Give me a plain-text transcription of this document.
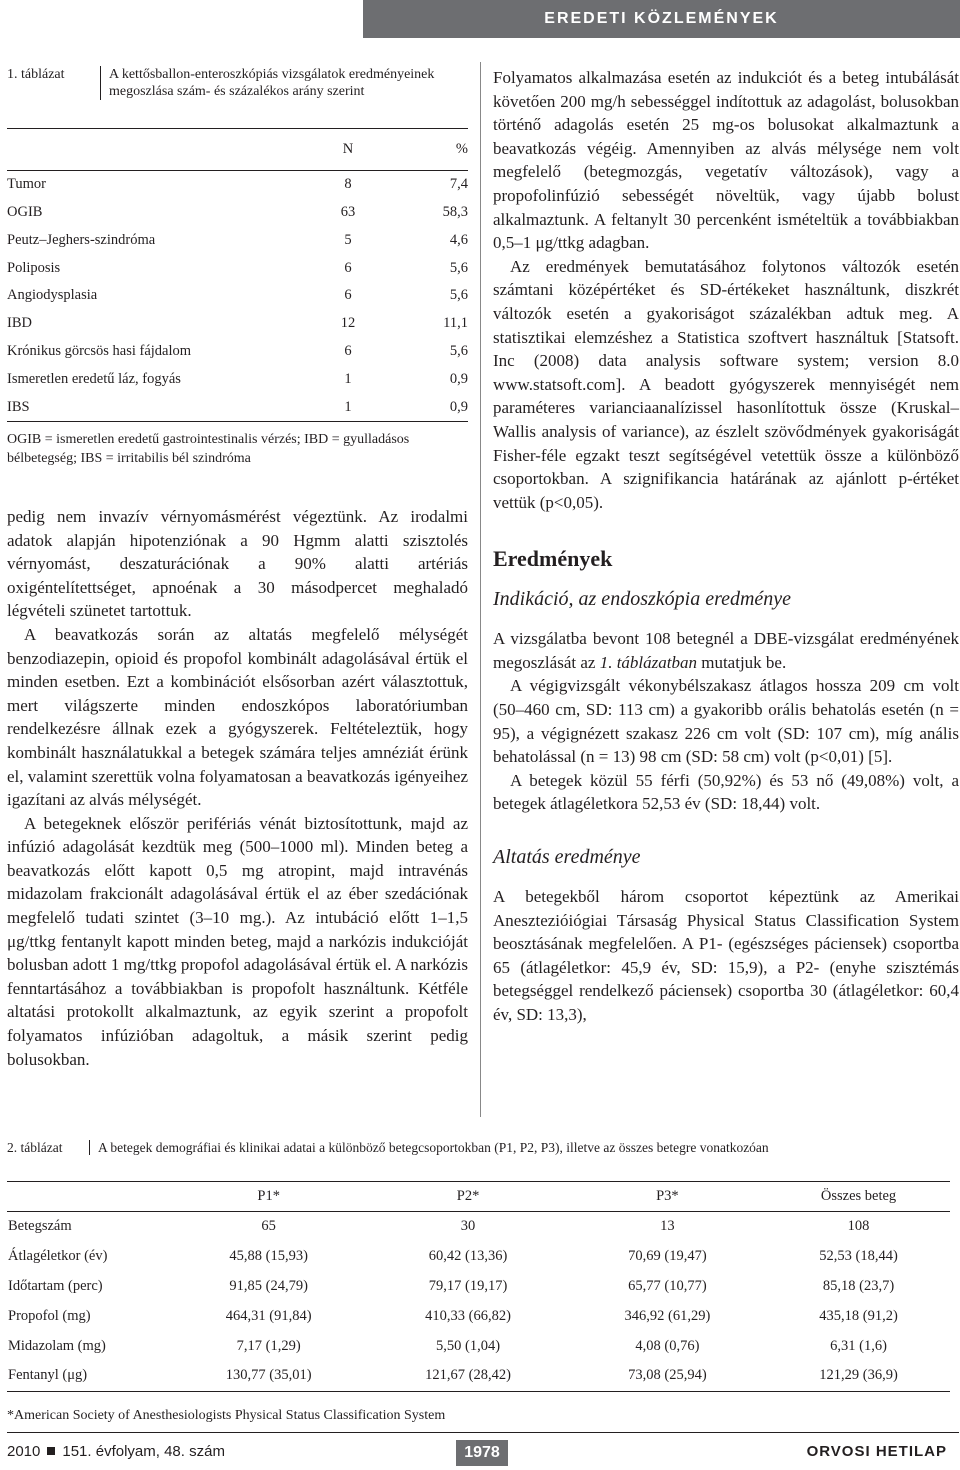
EREDETI KÖZLEMÉNYEK
1. táblázat	A kettősballon-enteroszkópiás vizsgálatok eredményeinek megoszlása szám- és százalékos arány szerint
	N	%
Tumor	8	7,4
OGIB	63	58,3
Peutz–Jeghers-szindróma	5	4,6
Poliposis	6	5,6
Angiodysplasia	6	5,6
IBD	12	11,1
Krónikus görcsös hasi fájdalom	6	5,6
Ismeretlen eredetű láz, fogyás	1	0,9
IBS	1	0,9
OGIB = ismeretlen eredetű gastrointestinalis vérzés; IBD = gyulladásos bélbetegség; IBS = irritabilis bél szindróma

pedig nem invazív vérnyomásmérést végeztünk. Az irodalmi adatok alapján hipotenziónak a 90 Hgmm alatti szisztolés vérnyomást, deszaturációnak a 90% alatti artériás oxigéntelítettséget, apnoénak a 30 másodpercet meghaladó légvételi szünetet tartottuk.

A beavatkozás során az altatás megfelelő mélységét benzodiazepin, opioid és propofol kombinált adagolásával értük el minden esetben. Ezt a kombinációt elsősorban azért választottuk, mert világszerte minden endoszkópos laboratóriumban rendelkezésre állnak ezek a gyógyszerek. Feltételeztük, hogy kombinált használatukkal a betegek számára teljes amnéziát érünk el, valamint szerettük volna folyamatosan a beavatkozás igényeihez igazítani az alvás mélységét.

A betegeknek először perifériás vénát biztosítottunk, majd az infúzió adagolását kezdtük meg (500–1000 ml). Minden beteg a beavatkozás előtt kapott 0,5 mg atropint, majd intravénás midazolam frakcionált adagolásával értük el az éber szedációnak megfelelő tudati szintet (3–10 mg.). Az intubáció előtt 1–1,5 μg/ttkg fentanylt kapott minden beteg, majd a narkózis indukcióját bolusban adott 1 mg/ttkg propofol adagolásával értük el. A narkózis fenntartásához a továbbiakban is propofolt használtunk. Kétféle altatási protokollt alkalmaztunk, az egyik szerint a propofolt folyamatos infúzióban adagoltuk, a másik szerint pedig bolusokban.

Folyamatos alkalmazása esetén az indukciót és a beteg intubálását követően 200 mg/h sebességgel indítottuk az adagolást, bolusokban történő adagolás esetén 25 mg-os bolusokat alkalmaztunk a beavatkozás végéig. Amennyiben az alvás mélysége nem volt megfelelő (betegmozgás, vegetatív változások), vagy a propofolinfúzió sebességét növeltük, vagy újabb bolust alkalmaztunk. A feltanylt 30 percenként ismételtük a továbbiakban 0,5–1 μg/ttkg adagban.

Az eredmények bemutatásához folytonos változók esetén számtani középértéket és SD-értékeket használtunk, diszkrét változók esetén a gyakoriságot százalékban adtuk meg. A statisztikai elemzéshez a Statistica szoftvert használtuk [Statsoft. Inc (2008) data analysis software system; version 8.0 www.statsoft.com]. A beadott gyógyszerek mennyiségét nem paraméteres varianciaanalízissel hasonlítottuk össze (Kruskal–Wallis analysis of variance), az észlelt szövődmények gyakoriságát Fisher-féle egzakt teszt segítségével vetettük össze a különböző csoportokban. A szignifikancia határának az ajánlott p-értéket vettük (p<0,05).

Eredmények
Indikáció, az endoszkópia eredménye

A vizsgálatba bevont 108 betegnél a DBE-vizsgálat eredményének megoszlását az 1. táblázatban mutatjuk be.

A végigvizsgált vékonybélszakasz átlagos hossza 209 cm volt (50–460 cm, SD: 113 cm) a gyakoribb orális behatolás esetén (n = 95), a végignézett szakasz 226 cm volt (SD: 107 cm), míg anális behatolással (n = 13) 98 cm (SD: 58 cm) volt (p<0,01) [5].

A betegek közül 55 férfi (50,92%) és 53 nő (49,08%) volt, a betegek átlagéletkora 52,53 év (SD: 18,44) volt.

Altatás eredménye

A betegekből három csoportot képeztünk az Amerikai Anesztezióiógiai Társaság Physical Status Classification System beosztásának megfelelően. A P1- (egészséges páciensek) csoportba 65 (átlagéletkor: 45,9 év, SD: 15,9), a P2- (enyhe szisztémás betegséggel rendelkező páciensek) csoportba 30 (átlagéletkor: 60,4 év, SD: 13,3),

2. táblázat	A betegek demográfiai és klinikai adatai a különböző betegcsoportokban (P1, P2, P3), illetve az összes betegre vonatkozóan
	P1*	P2*	P3*	Összes beteg
Betegszám	65	30	13	108
Átlagéletkor (év)	45,88 (15,93)	60,42 (13,36)	70,69 (19,47)	52,53 (18,44)
Időtartam (perc)	91,85 (24,79)	79,17 (19,17)	65,77 (10,77)	85,18 (23,7)
Propofol (mg)	464,31 (91,84)	410,33 (66,82)	346,92 (61,29)	435,18 (91,2)
Midazolam (mg)	7,17 (1,29)	5,50 (1,04)	4,08 (0,76)	6,31 (1,6)
Fentanyl (μg)	130,77 (35,01)	121,67 (28,42)	73,08 (25,94)	121,29 (36,9)
*American Society of Anesthesiologists Physical Status Classification System
2010 151. évfolyam, 48. szám	1978	ORVOSI HETILAP
